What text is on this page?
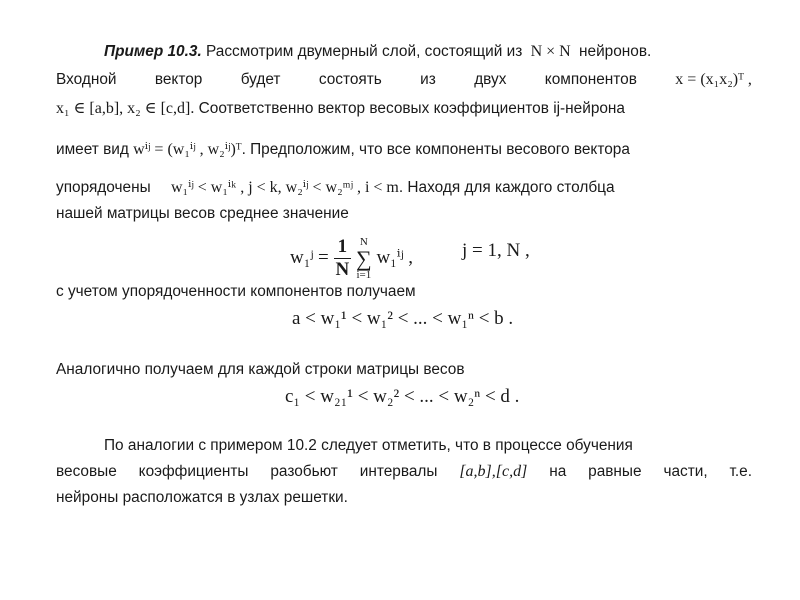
Пример 10.3. Рассмотрим двумерный слой, состоящий из N × N нейронов.
Входной вектор будет состоять из двух компонентов x = (x₁x₂)ᵀ ,
x₁ ∈ [a,b], x₂ ∈ [c,d]. Соответственно вектор весовых коэффициентов ij-нейрона
имеет вид wⁱʲ = (w₁ⁱʲ , w₂ⁱʲ)ᵀ. Предположим, что все компоненты весового вектора
упорядочены w₁ⁱʲ < w₁ⁱᵏ , j < k, w₂ⁱʲ < w₂ᵐʲ , i < m. Находя для каждого столбца
нашей матрицы весов среднее значение
w₁ʲ = $\frac{1}{N}$ N
∑
i=1 w₁ⁱʲ ,	j = 1, N ,
с учетом упорядоченности компонентов получаем
a < w₁¹ < w₁² < ... < w₁ⁿ < b .
Аналогично получаем для каждой строки матрицы весов
c₁ < w₂₁¹ < w₂² < ... < w₂ⁿ < d .
По аналогии с примером 10.2 следует отметить, что в процессе обучения
весовые коэффициенты разобьют интервалы [a,b],[c,d] на равные части, т.е.
нейроны расположатся в узлах решетки.
